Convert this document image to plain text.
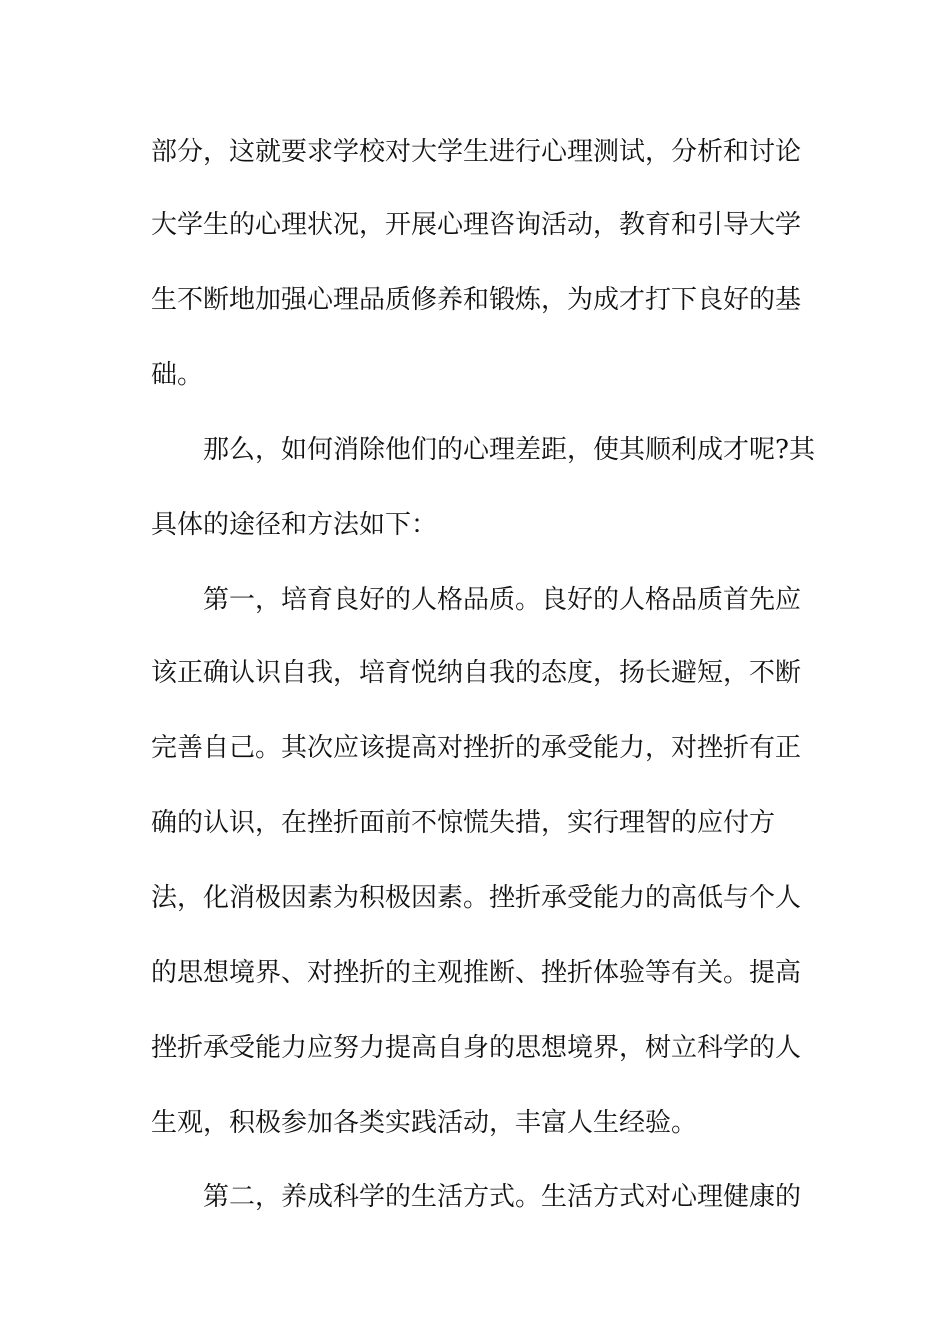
部分，这就要求学校对大学生进行心理测试，分析和讨论
大学生的心理状况，开展心理咨询活动，教育和引导大学
生不断地加强心理品质修养和锻炼，为成才打下良好的基
础。
那么，如何消除他们的心理差距，使其顺利成才呢?其
具体的途径和方法如下：
第一，培育良好的人格品质。良好的人格品质首先应
该正确认识自我，培育悦纳自我的态度，扬长避短，不断
完善自己。其次应该提高对挫折的承受能力，对挫折有正
确的认识，在挫折面前不惊慌失措，实行理智的应付方
法，化消极因素为积极因素。挫折承受能力的高低与个人
的思想境界、对挫折的主观推断、挫折体验等有关。提高
挫折承受能力应努力提高自身的思想境界，树立科学的人
生观，积极参加各类实践活动，丰富人生经验。
第二，养成科学的生活方式。生活方式对心理健康的
